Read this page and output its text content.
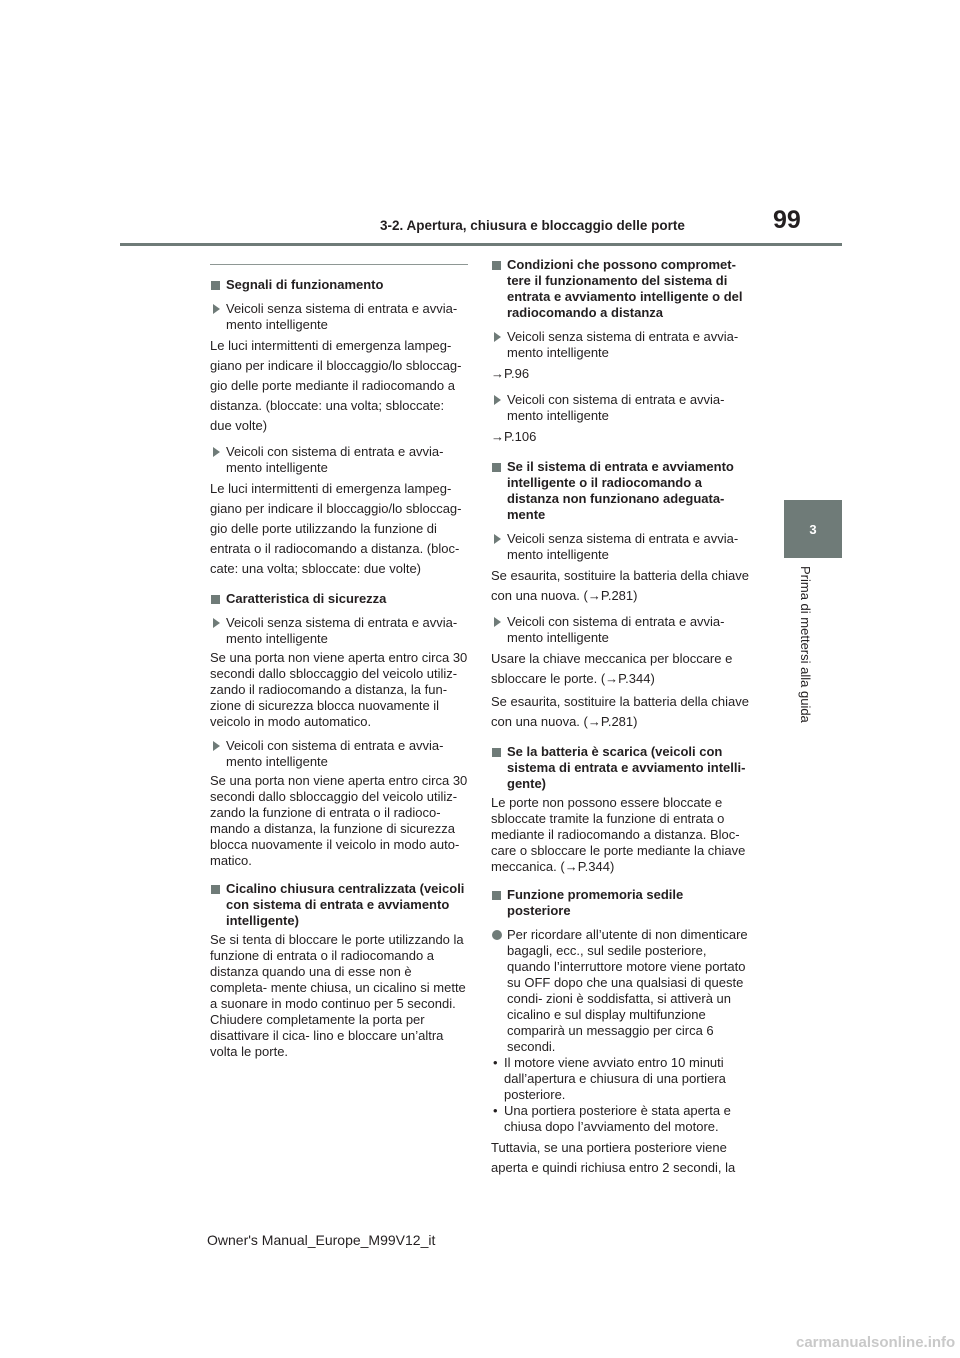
3-2. Apertura, chiusura e bloccaggio delle porte	99
3
Prima di mettersi alla guida
Segnali di funzionamento
Veicoli senza sistema di entrata e avvia- mento intelligente
Le luci intermittenti di emergenza lampeg- giano per indicare il bloccaggio/lo sbloccag- gio delle porte mediante il radiocomando a distanza. (bloccate: una volta; sbloccate: due volte)
Veicoli con sistema di entrata e avvia- mento intelligente
Le luci intermittenti di emergenza lampeg- giano per indicare il bloccaggio/lo sbloccag- gio delle porte utilizzando la funzione di entrata o il radiocomando a distanza. (bloc- cate: una volta; sbloccate: due volte)
Caratteristica di sicurezza
Veicoli senza sistema di entrata e avvia- mento intelligente
Se una porta non viene aperta entro circa 30 secondi dallo sbloccaggio del veicolo utiliz- zando il radiocomando a distanza, la fun- zione di sicurezza blocca nuovamente il veicolo in modo automatico.
Veicoli con sistema di entrata e avvia- mento intelligente
Se una porta non viene aperta entro circa 30 secondi dallo sbloccaggio del veicolo utiliz- zando la funzione di entrata o il radioco- mando a distanza, la funzione di sicurezza blocca nuovamente il veicolo in modo auto- matico.
Cicalino chiusura centralizzata (veicoli con sistema di entrata e avviamento intelligente)
Se si tenta di bloccare le porte utilizzando la funzione di entrata o il radiocomando a distanza quando una di esse non è completa- mente chiusa, un cicalino si mette a suonare in modo continuo per 5 secondi. Chiudere completamente la porta per disattivare il cica- lino e bloccare un’altra volta le porte.
Condizioni che possono compromet- tere il funzionamento del sistema di entrata e avviamento intelligente o del radiocomando a distanza
Veicoli senza sistema di entrata e avvia- mento intelligente
→P.96
Veicoli con sistema di entrata e avvia- mento intelligente
→P.106
Se il sistema di entrata e avviamento intelligente o il radiocomando a distanza non funzionano adeguata- mente
Veicoli senza sistema di entrata e avvia- mento intelligente
Se esaurita, sostituire la batteria della chiave con una nuova. (→P.281)
Veicoli con sistema di entrata e avvia- mento intelligente
Usare la chiave meccanica per bloccare e sbloccare le porte. (→P.344)
Se esaurita, sostituire la batteria della chiave con una nuova. (→P.281)
Se la batteria è scarica (veicoli con sistema di entrata e avviamento intelli- gente)
Le porte non possono essere bloccate e sbloccate tramite la funzione di entrata o mediante il radiocomando a distanza. Bloc- care o sbloccare le porte mediante la chiave meccanica. (→P.344)
Funzione promemoria sedile posteriore
Per ricordare all’utente di non dimenticare bagagli, ecc., sul sedile posteriore, quando l’interruttore motore viene portato su OFF dopo che una qualsiasi di queste condi- zioni è soddisfatta, si attiverà un cicalino e sul display multifunzione comparirà un messaggio per circa 6 secondi.
• Il motore viene avviato entro 10 minuti dall’apertura e chiusura di una portiera posteriore.
• Una portiera posteriore è stata aperta e chiusa dopo l’avviamento del motore.
Tuttavia, se una portiera posteriore viene aperta e quindi richiusa entro 2 secondi, la
Owner's Manual_Europe_M99V12_it
carmanualsonline.info
